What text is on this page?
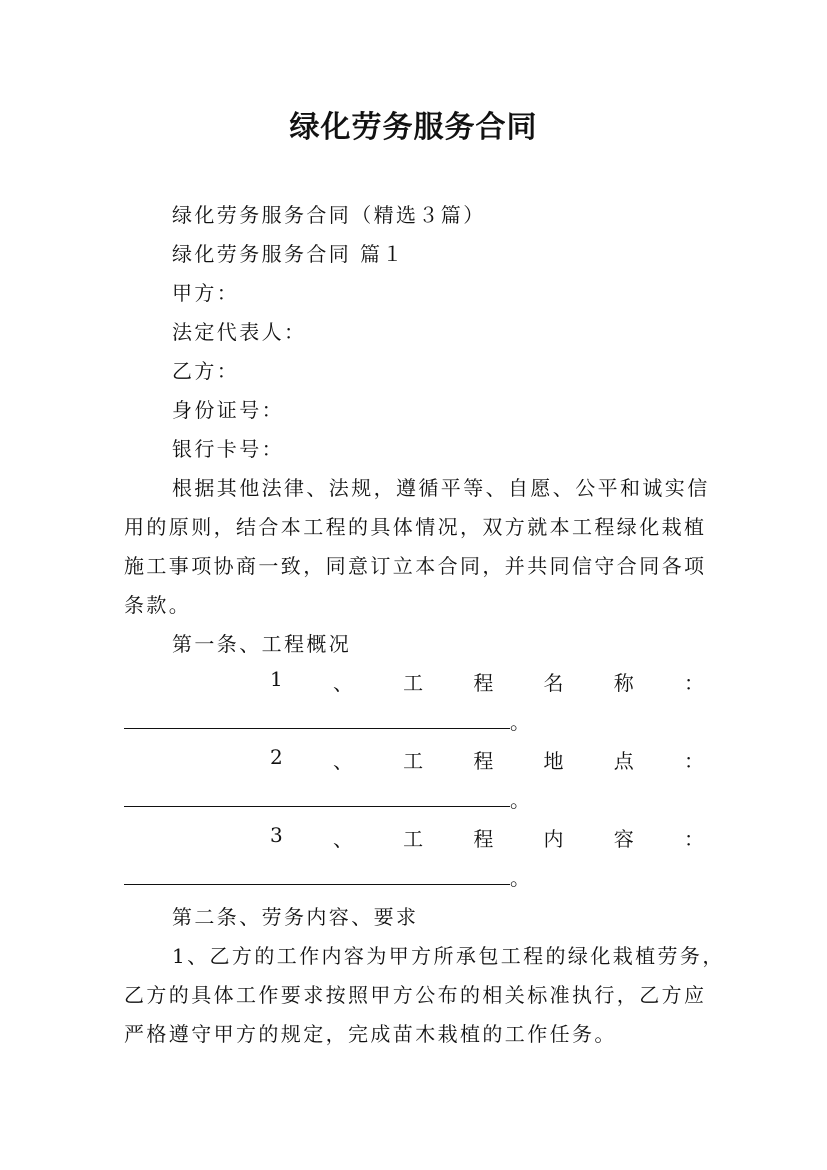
绿化劳务服务合同
绿化劳务服务合同（精选３篇）
绿化劳务服务合同 篇１
甲方：
法定代表人：
乙方：
身份证号：
银行卡号：
根据其他法律、法规，遵循平等、自愿、公平和诚实信
用的原则，结合本工程的具体情况，双方就本工程绿化栽植
施工事项协商一致，同意订立本合同，并共同信守合同各项
条款。
第一条、工程概况
1	、	工	程	名	称	：
。
2	、	工	程	地	点	：
。
3	、	工	程	内	容	：
。
第二条、劳务内容、要求
1、乙方的工作内容为甲方所承包工程的绿化栽植劳务，
乙方的具体工作要求按照甲方公布的相关标准执行，乙方应
严格遵守甲方的规定，完成苗木栽植的工作任务。
